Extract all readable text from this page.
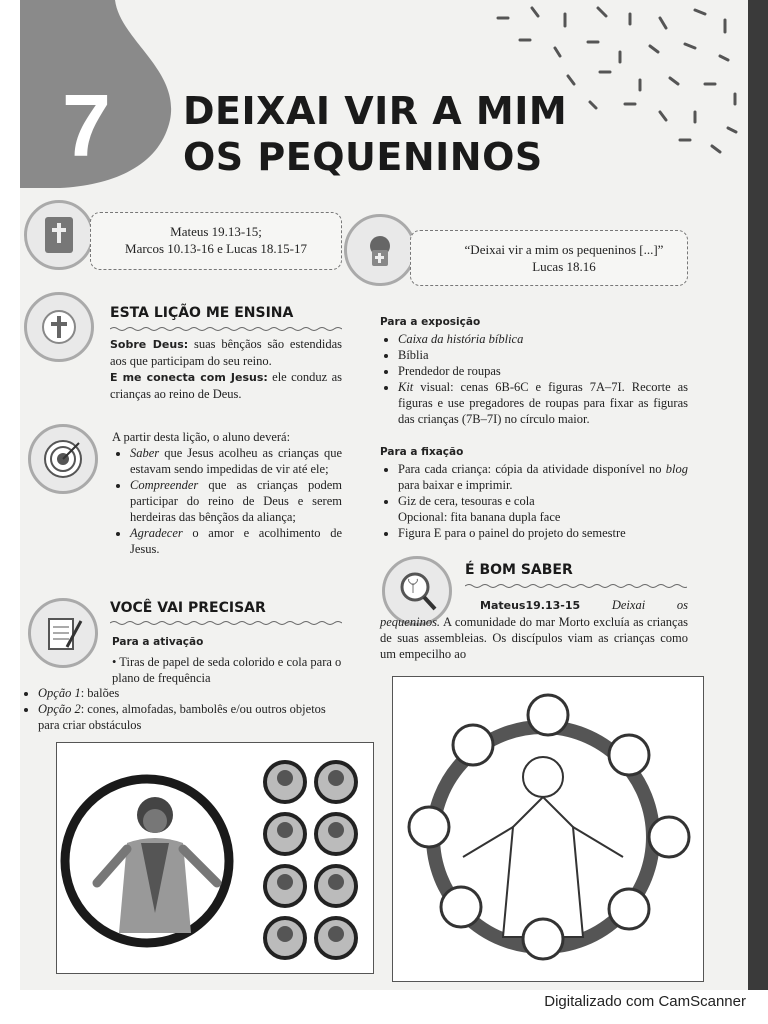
7 DEIXAI VIR A MIM
OS PEQUENINOS
Mateus 19.13-15;
Marcos 10.13-16 e Lucas 18.15-17	“Deixai vir a mim os pequeninos [...]”
Lucas 18.16
ESTA LIÇÃO ME ENSINA

Sobre Deus: suas bênçãos são estendidas aos que participam do seu reino.

E me conecta com Jesus: ele conduz as crianças ao reino de Deus.

A partir desta lição, o aluno deverá:

• Saber que Jesus acolheu as crianças que estavam sendo impedidas de vir até ele;
• Compreender que as crianças podem participar do reino de Deus e serem herdeiras das bênçãos da aliança;
• Agradecer o amor e acolhimento de Jesus.
VOCÊ VAI PRECISAR
Para a ativação

• Tiras de papel de seda colorido e cola para o plano de frequência

• Opção 1: balões
• Opção 2: cones, almofadas, bambolês e/ou outros objetos para criar obstáculos
Para a exposição
• Caixa da história bíblica
• Bíblia
• Prendedor de roupas
• Kit visual: cenas 6B-6C e figuras 7A–7I. Recorte as figuras e use pregadores de roupas para fixar as figuras das crianças (7B–7I) no círculo maior.
Para a fixação
• Para cada criança: cópia da atividade disponível no blog para baixar e imprimir.
• Giz de cera, tesouras e cola
Opcional: fita banana dupla face
• Figura E para o painel do projeto do semestre
É BOM SABER

Mateus19.13-15 Deixai os pequeninos. A comunidade do mar Morto excluía as crianças de suas assembleias. Os discípulos viam as crianças como um empecilho ao

Digitalizado com CamScanner
